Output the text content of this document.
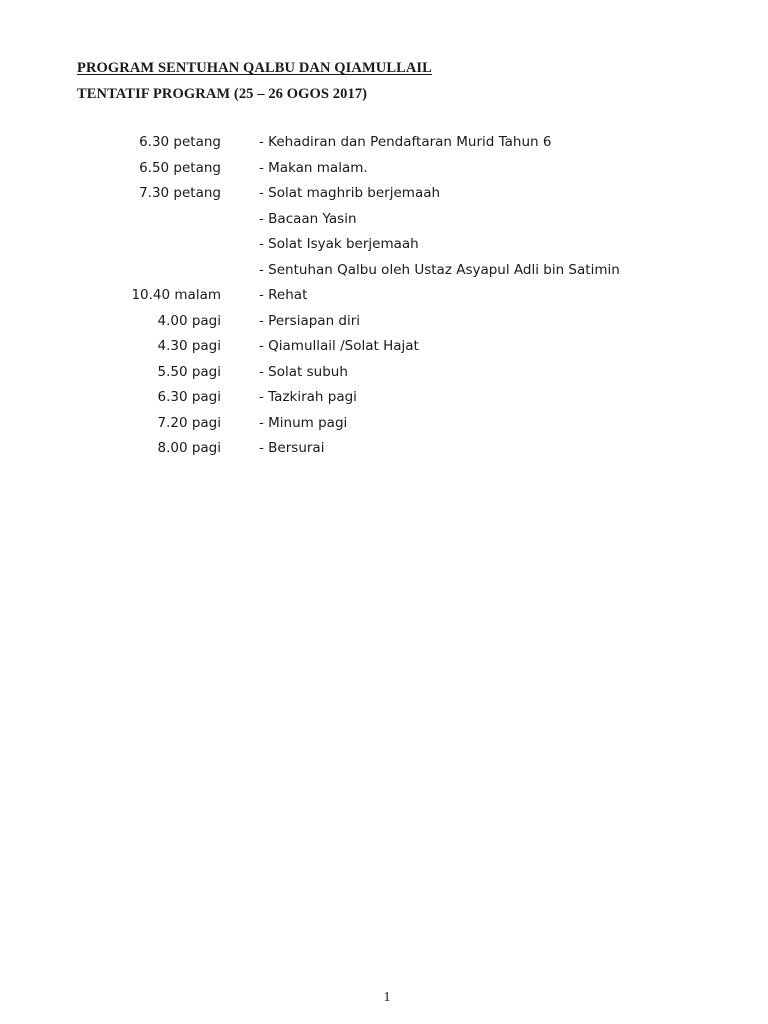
PROGRAM SENTUHAN QALBU DAN QIAMULLAIL
TENTATIF PROGRAM (25 – 26 OGOS 2017)
6.30 petang	- Kehadiran dan Pendaftaran Murid Tahun 6
6.50 petang	- Makan malam.
7.30 petang	- Solat maghrib berjemaah
- Bacaan Yasin
- Solat Isyak berjemaah
- Sentuhan Qalbu oleh Ustaz Asyapul Adli bin Satimin
10.40 malam	- Rehat
4.00 pagi	- Persiapan diri
4.30 pagi	- Qiamullail /Solat Hajat
5.50 pagi	- Solat subuh
6.30 pagi	- Tazkirah pagi
7.20 pagi	- Minum pagi
8.00 pagi	- Bersurai
1
